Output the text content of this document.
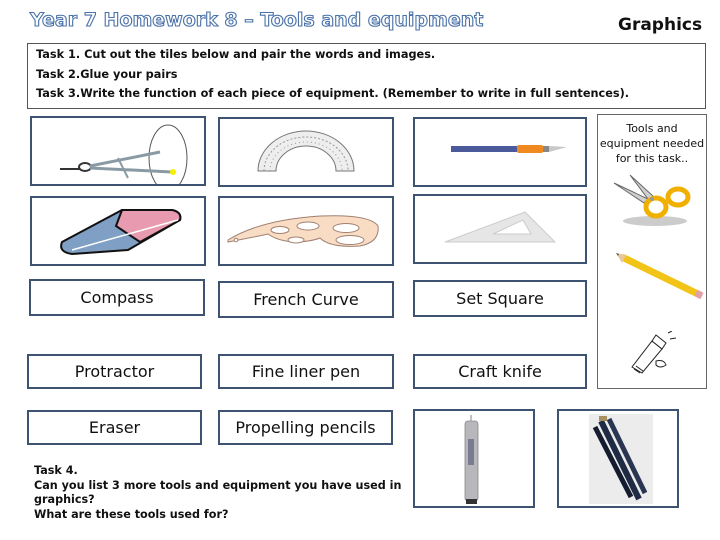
Year 7 Homework 8 – Tools and equipment	Graphics

Task 1. Cut out the tiles below and pair the words and images.

Task 2.Glue your pairs

Task 3.Write the function of each piece of equipment. (Remember to write in full sentences).

Compass	French Curve	Set Square
Protractor	Fine liner pen	Craft knife
Eraser	Propelling pencils
Tools and equipment needed for this task..
Task 4.
Can you list 3 more tools and equipment you have used in
graphics?
What are these tools used for?
